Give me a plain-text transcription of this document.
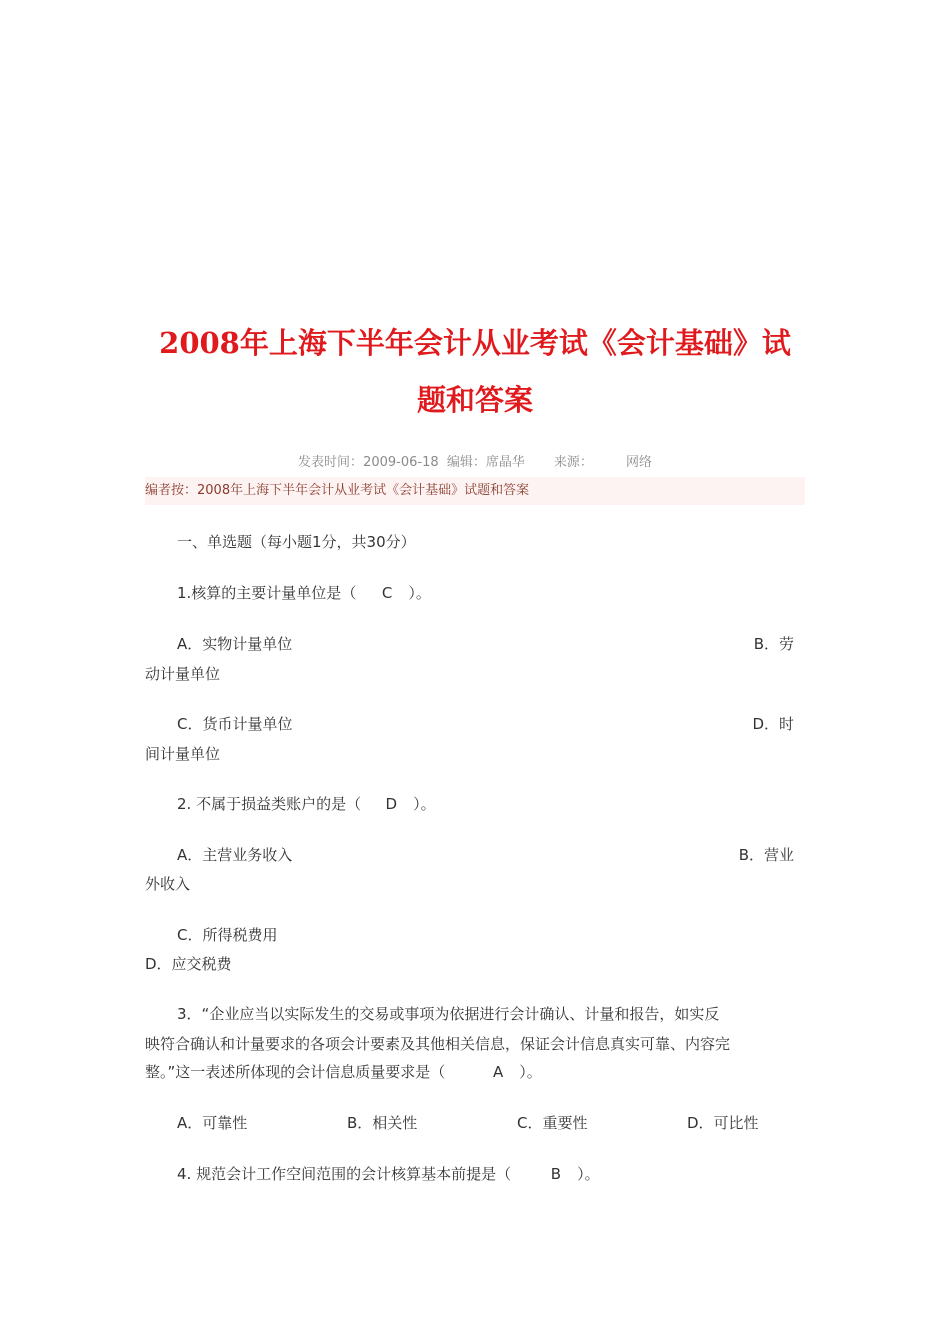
2008年上海下半年会计从业考试《会计基础》试
题和答案
发表时间：2009-06-18 编辑：席晶华 来源：	网络
编者按：2008年上海下半年会计从业考试《会计基础》试题和答案
一、单选题（每小题1分，共30分）
1.核算的主要计量单位是（ C ）。
A．实物计量单位	B．劳
动计量单位
C．货币计量单位	D．时
间计量单位
2. 不属于损益类账户的是（ D ）。
A．主营业务收入	B．营业
外收入
C．所得税费用
D．应交税费
3．“企业应当以实际发生的交易或事项为依据进行会计确认、计量和报告，如实反
映符合确认和计量要求的各项会计要素及其他相关信息，保证会计信息真实可靠、内容完
整。”这一表述所体现的会计信息质量要求是（	A ）。
A．可靠性	B．相关性	C．重要性	D．可比性
4. 规范会计工作空间范围的会计核算基本前提是（	B ）。
